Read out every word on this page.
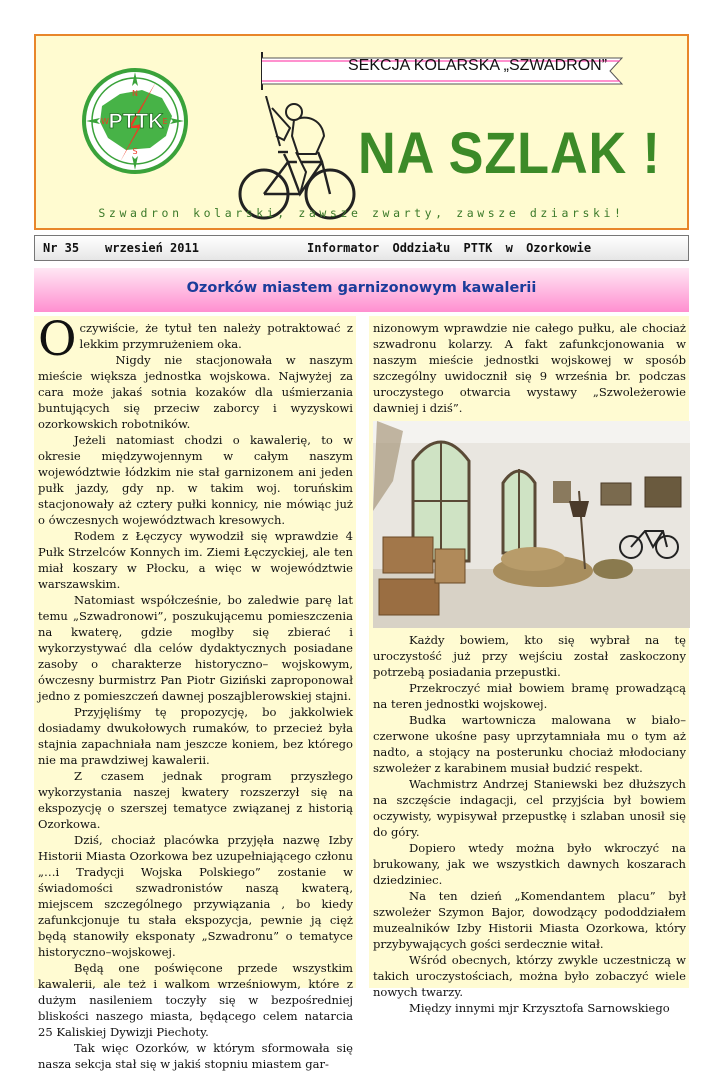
N
E
S
W PTTK
SEKCJA KOLARSKA „SZWADRON”
NA SZLAK !
Szwadron kolarski, zawsze zwarty, zawsze dziarski!
Nr 35 wrzesień 2011	Informator Oddziału PTTK w Ozorkowie
Ozorków miastem garnizonowym kawalerii

Oczywiście, że tytuł ten należy potraktować z lekkim przymrużeniem oka.

Nigdy nie stacjonowała w naszym mieście większa jednostka wojskowa. Najwyżej za cara może jakaś sotnia kozaków dla uśmierzania buntujących się przeciw zaborcy i wyzyskowi ozorkowskich robotników.

Jeżeli natomiast chodzi o kawalerię, to w okresie międzywojennym w całym naszym województwie łódzkim nie stał garnizonem ani jeden pułk jazdy, gdy np. w takim woj. toruńskim stacjonowały aż cztery pułki konnicy, nie mówiąc już o ówczesnych województwach kresowych.

Rodem z Łęczycy wywodził się wprawdzie 4 Pułk Strzelców Konnych im. Ziemi Łęczyckiej, ale ten miał koszary w Płocku, a więc w województwie warszawskim.

Natomiast współcześnie, bo zaledwie parę lat temu „Szwadronowi”, poszukującemu pomieszczenia na kwaterę, gdzie mogłby się zbierać i wykorzystywać dla celów dydaktycznych posiadane zasoby o charakterze historyczno– wojskowym, ówczesny burmistrz Pan Piotr Giziński zaproponował jedno z pomieszczeń dawnej poszajblerowskiej stajni.

Przyjęliśmy tę propozycję, bo jakkolwiek dosiadamy dwukołowych rumaków, to przecież była stajnia zapachniała nam jeszcze koniem, bez którego nie ma prawdziwej kawalerii.

Z czasem jednak program przyszłego wykorzystania naszej kwatery rozszerzył się na ekspozycję o szerszej tematyce związanej z historią Ozorkowa.

Dziś, chociaż placówka przyjęła nazwę Izby Historii Miasta Ozorkowa bez uzupełniającego członu „…i Tradycji Wojska Polskiego” zostanie w świadomości szwadronistów naszą kwaterą, miejscem szczególnego przywiązania , bo kiedy zafunkcjonuje tu stała ekspozycja, pewnie ją cięż będą stanowiły eksponaty „Szwadronu” o tematyce historyczno–wojskowej.

Będą one poświęcone przede wszystkim kawalerii, ale też i walkom wrześniowym, które z dużym nasileniem toczyły się w bezpośredniej bliskości naszego miasta, będącego celem natarcia 25 Kaliskiej Dywizji Piechoty.

Tak więc Ozorków, w którym sformowała się nasza sekcja stał się w jakiś stopniu miastem gar-

nizonowym wprawdzie nie całego pułku, ale chociaż szwadronu kolarzy. A fakt zafunkcjonowania w naszym mieście jednostki wojskowej w sposób szczególny uwidocznił się 9 września br. podczas uroczystego otwarcia wystawy „Szwoleżerowie dawniej i dziś”.

Każdy bowiem, kto się wybrał na tę uroczystość już przy wejściu został zaskoczony potrzebą posiadania przepustki.

Przekroczyć miał bowiem bramę prowadzącą na teren jednostki wojskowej.

Budka wartownicza malowana w biało– czerwone ukośne pasy uprzytamniała mu o tym aż nadto, a stojący na posterunku chociaż młodociany szwoleżer z karabinem musiał budzić respekt.

Wachmistrz Andrzej Staniewski bez dłuższych na szczęście indagacji, cel przyjścia był bowiem oczywisty, wypisywał przepustkę i szlaban unosił się do góry.

Dopiero wtedy można było wkroczyć na brukowany, jak we wszystkich dawnych koszarach dziedziniec.

Na ten dzień „Komendantem placu” był szwoleżer Szymon Bajor, dowodzący pododdziałem muzealników Izby Historii Miasta Ozorkowa, który przybywających gości serdecznie witał.

Wśród obecnych, którzy zwykle uczestniczą w takich uroczystościach, można było zobaczyć wiele nowych twarzy.

Między innymi mjr Krzysztofa Sarnowskiego
